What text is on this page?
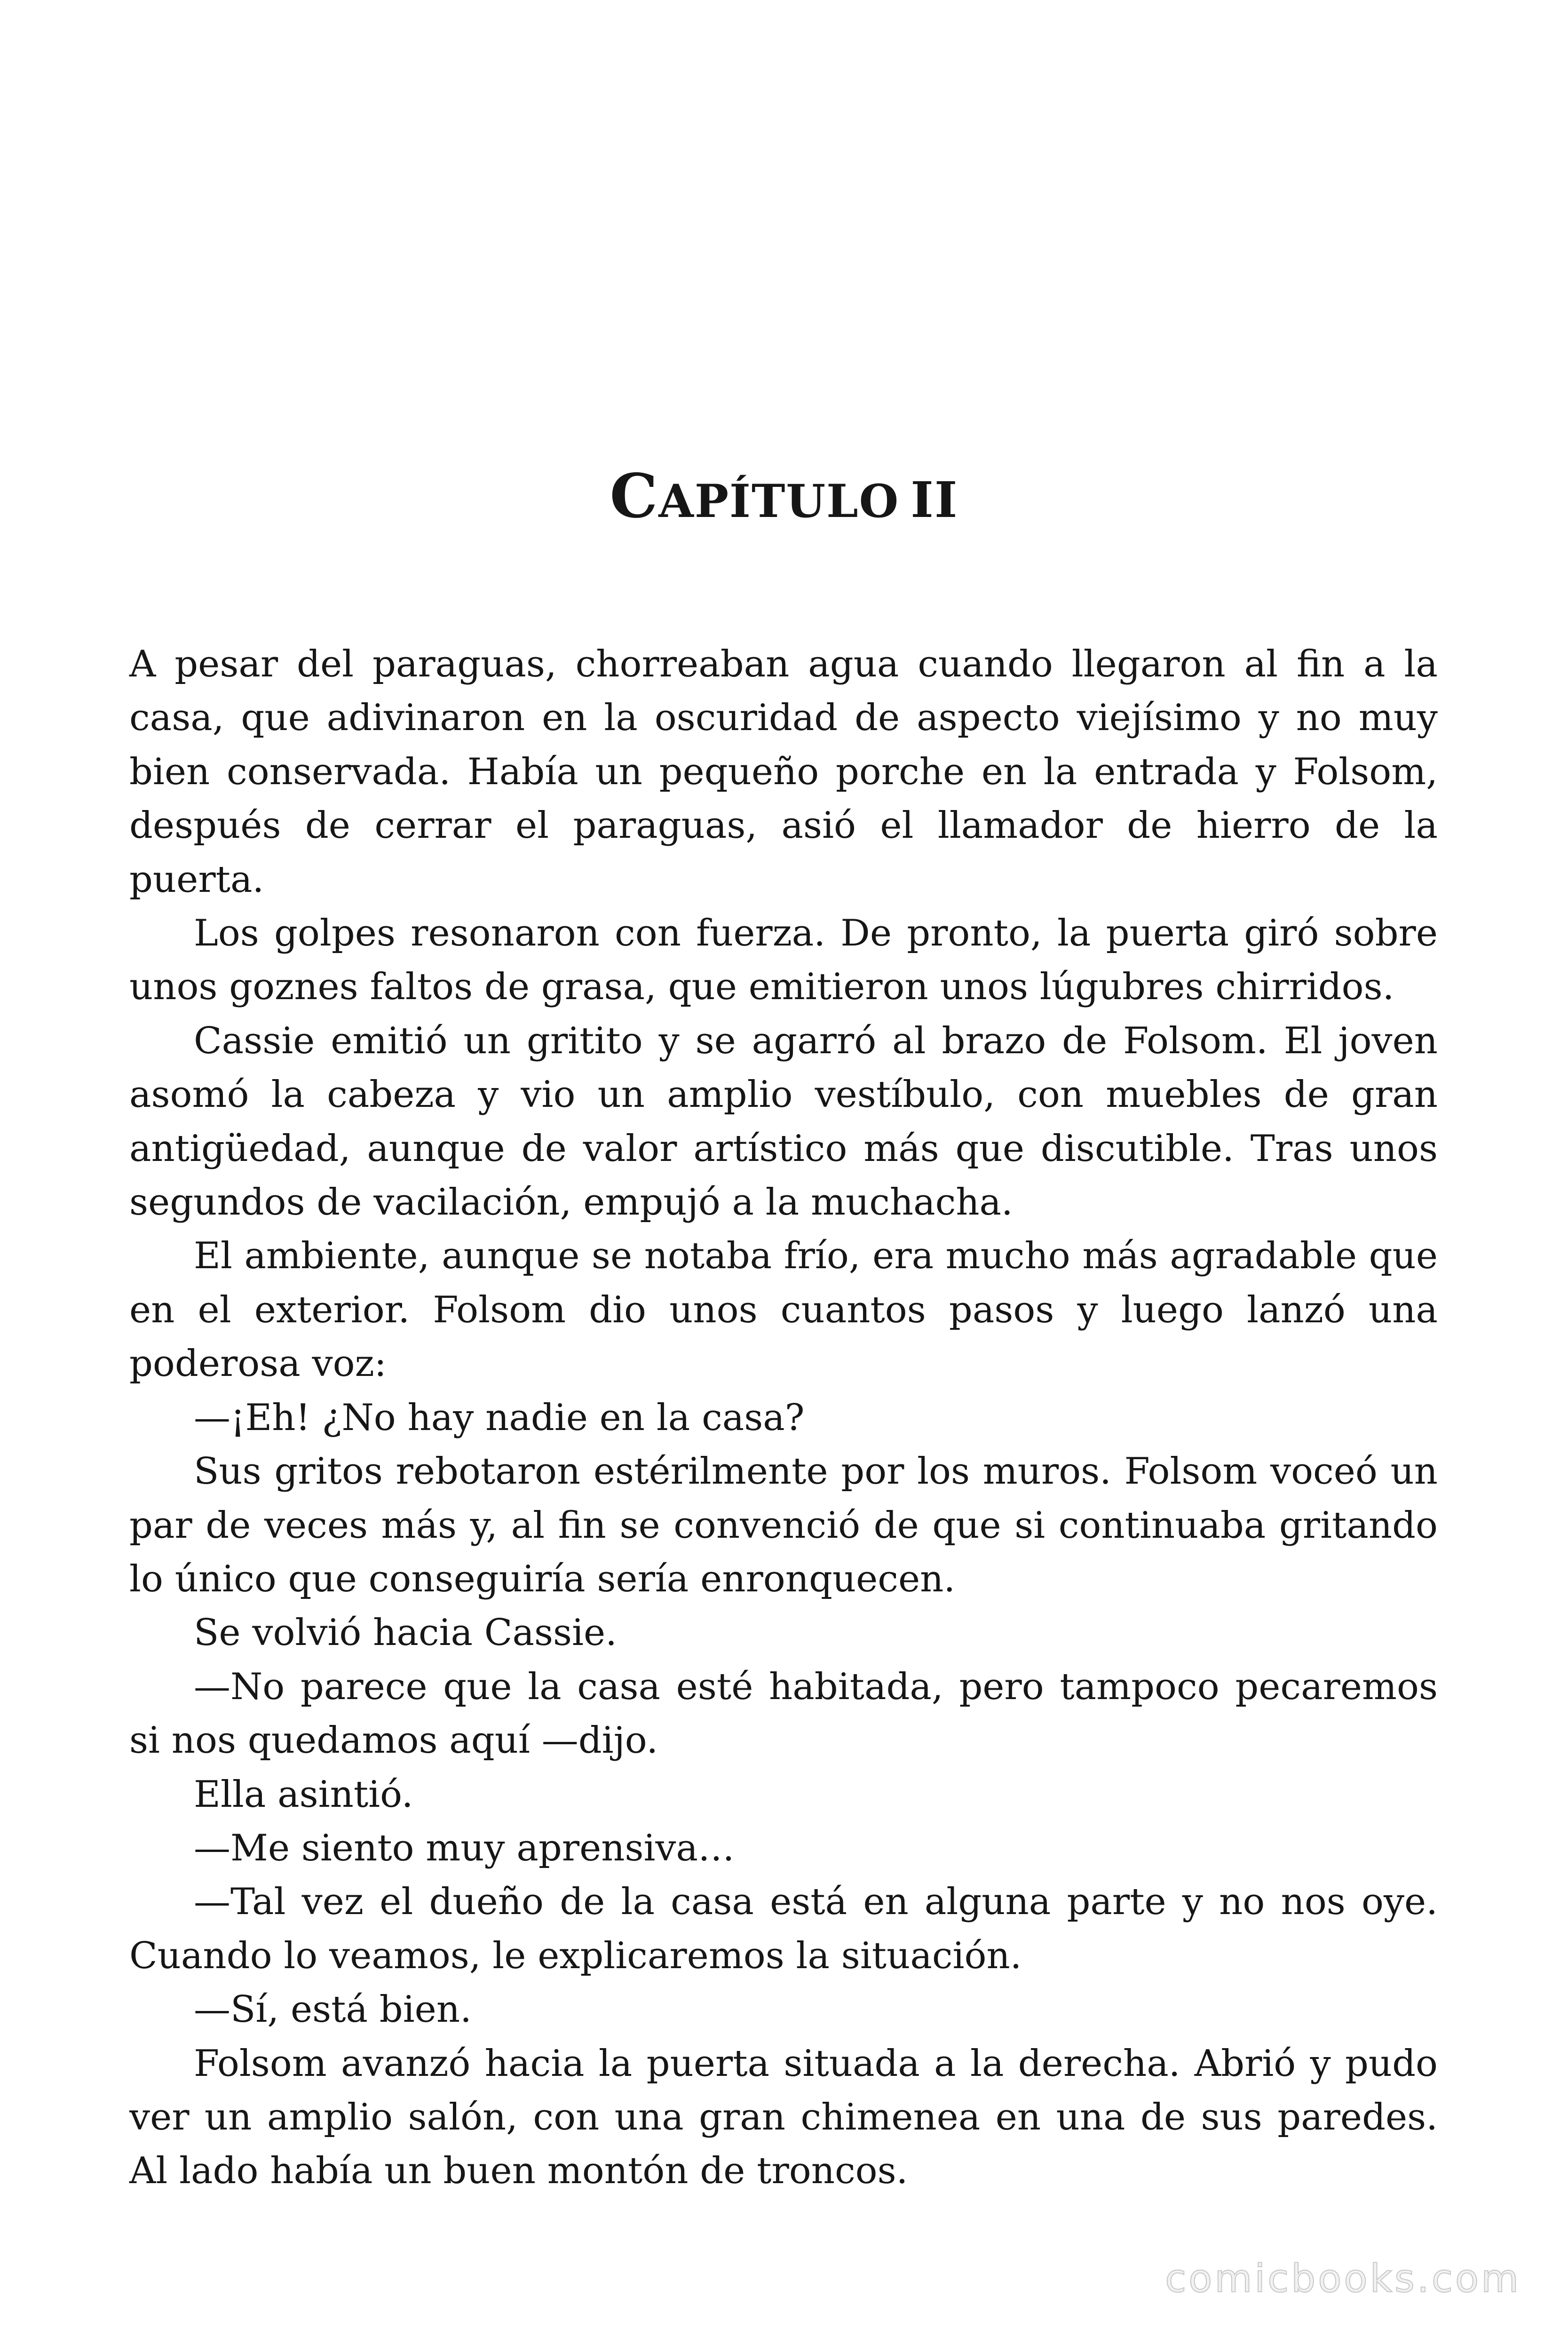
CAPÍTULO II

A pesar del paraguas, chorreaban agua cuando llegaron al fin a la casa, que adivinaron en la oscuridad de aspecto viejísimo y no muy bien conservada. Había un pequeño porche en la entrada y Folsom, después de cerrar el paraguas, asió el llamador de hierro de la puerta.

Los golpes resonaron con fuerza. De pronto, la puerta giró sobre unos goznes faltos de grasa, que emitieron unos lúgubres chirridos.

Cassie emitió un gritito y se agarró al brazo de Folsom. El joven asomó la cabeza y vio un amplio vestíbulo, con muebles de gran antigüedad, aunque de valor artístico más que discutible. Tras unos segundos de vacilación, empujó a la muchacha.

El ambiente, aunque se notaba frío, era mucho más agradable que en el exterior. Folsom dio unos cuantos pasos y luego lanzó una poderosa voz:

—¡Eh! ¿No hay nadie en la casa?

Sus gritos rebotaron estérilmente por los muros. Folsom voceó un par de veces más y, al fin se convenció de que si continuaba gritando lo único que conseguiría sería enronquecen.

Se volvió hacia Cassie.

—No parece que la casa esté habitada, pero tampoco pecaremos si nos quedamos aquí —dijo.

Ella asintió.

—Me siento muy aprensiva…

—Tal vez el dueño de la casa está en alguna parte y no nos oye. Cuando lo veamos, le explicaremos la situación.

—Sí, está bien.

Folsom avanzó hacia la puerta situada a la derecha. Abrió y pudo ver un amplio salón, con una gran chimenea en una de sus paredes. Al lado había un buen montón de troncos.

comicbooks.com
